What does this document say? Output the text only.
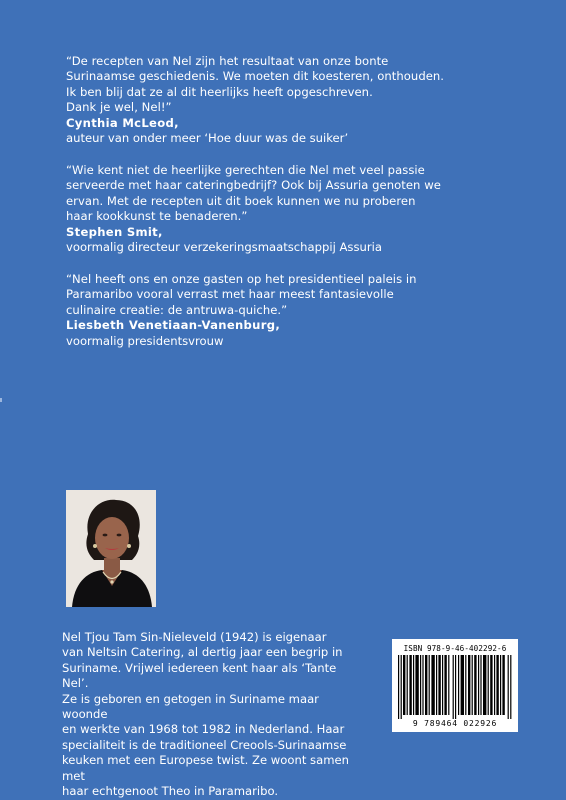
“De recepten van Nel zijn het resultaat van onze bonte
Surinaamse geschiedenis. We moeten dit koesteren, onthouden.
Ik ben blij dat ze al dit heerlijks heeft opgeschreven.
Dank je wel, Nel!”
Cynthia McLeod,
auteur van onder meer ‘Hoe duur was de suiker’
“Wie kent niet de heerlijke gerechten die Nel met veel passie
serveerde met haar cateringbedrijf? Ook bij Assuria genoten we
ervan. Met de recepten uit dit boek kunnen we nu proberen
haar kookkunst te benaderen.”
Stephen Smit,
voormalig directeur verzekeringsmaatschappij Assuria
“Nel heeft ons en onze gasten op het presidentieel paleis in
Paramaribo vooral verrast met haar meest fantasievolle
culinaire creatie: de antruwa-quiche.”
Liesbeth Venetiaan-Vanenburg,
voormalig presidentsvrouw
Nel Tjou Tam Sin-Nieleveld (1942) is eigenaar
van Neltsin Catering, al dertig jaar een begrip in
Suriname. Vrijwel iedereen kent haar als ‘Tante Nel’.
Ze is geboren en getogen in Suriname maar woonde
en werkte van 1968 tot 1982 in Nederland. Haar
specialiteit is de traditioneel Creools-Surinaamse
keuken met een Europese twist. Ze woont samen met
haar echtgenoot Theo in Paramaribo.
ISBN 978-9-46-402292-6
9 789464 022926
